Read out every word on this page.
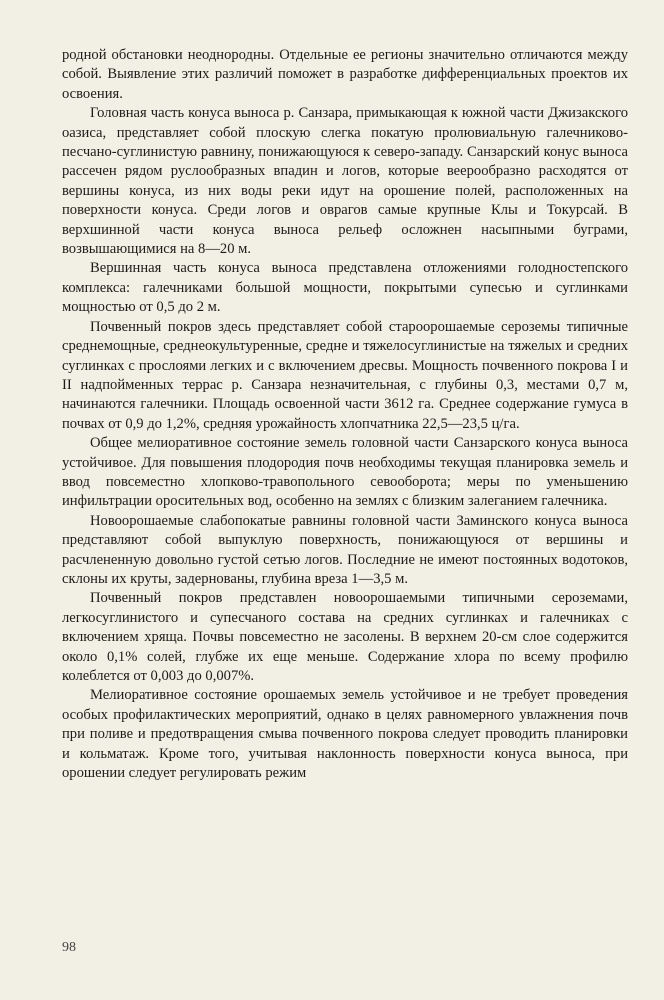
родной обстановки неоднородны. Отдельные ее регионы значительно отличаются между собой. Выявление этих различий поможет в разработке дифференциальных проектов их освоения.

Головная часть конуса выноса р. Санзара, примыкающая к южной части Джизакского оазиса, представляет собой плоскую слегка покатую пролювиальную галечниково-песчано-суглинистую равнину, понижающуюся к северо-западу. Санзарский конус выноса рассечен рядом руслообразных впадин и логов, которые веерообразно расходятся от вершины конуса, из них воды реки идут на орошение полей, расположенных на поверхности конуса. Среди логов и оврагов самые крупные Клы и Токурсай. В верхшинной части конуса выноса рельеф осложнен насыпными буграми, возвышающимися на 8—20 м.

Вершинная часть конуса выноса представлена отложениями голодностепского комплекса: галечниками большой мощности, покрытыми супесью и суглинками мощностью от 0,5 до 2 м.

Почвенный покров здесь представляет собой староорошаемые сероземы типичные среднемощные, среднеокультуренные, средне и тяжелосуглинистые на тяжелых и средних суглинках с прослоями легких и с включением дресвы. Мощность почвенного покрова I и II надпойменных террас р. Санзара незначительная, с глубины 0,3, местами 0,7 м, начинаются галечники. Площадь освоенной части 3612 га. Среднее содержание гумуса в почвах от 0,9 до 1,2%, средняя урожайность хлопчатника 22,5—23,5 ц/га.

Общее мелиоративное состояние земель головной части Санзарского конуса выноса устойчивое. Для повышения плодородия почв необходимы текущая планировка земель и ввод повсеместно хлопково-травопольного севооборота; меры по уменьшению инфильтрации оросительных вод, особенно на землях с близким залеганием галечника.

Новоорошаемые слабопокатые равнины головной части Заминского конуса выноса представляют собой выпуклую поверхность, понижающуюся от вершины и расчлененную довольно густой сетью логов. Последние не имеют постоянных водотоков, склоны их круты, задернованы, глубина вреза 1—3,5 м.

Почвенный покров представлен новоорошаемыми типичными сероземами, легкосуглинистого и супесчаного состава на средних суглинках и галечниках с включением хряща. Почвы повсеместно не засолены. В верхнем 20-см слое содержится около 0,1% солей, глубже их еще меньше. Содержание хлора по всему профилю колеблется от 0,003 до 0,007%.

Мелиоративное состояние орошаемых земель устойчивое и не требует проведения особых профилактических мероприятий, однако в целях равномерного увлажнения почв при поливе и предотвращения смыва почвенного покрова следует проводить планировки и кольматаж. Кроме того, учитывая наклонность поверхности конуса выноса, при орошении следует регулировать режим

98
